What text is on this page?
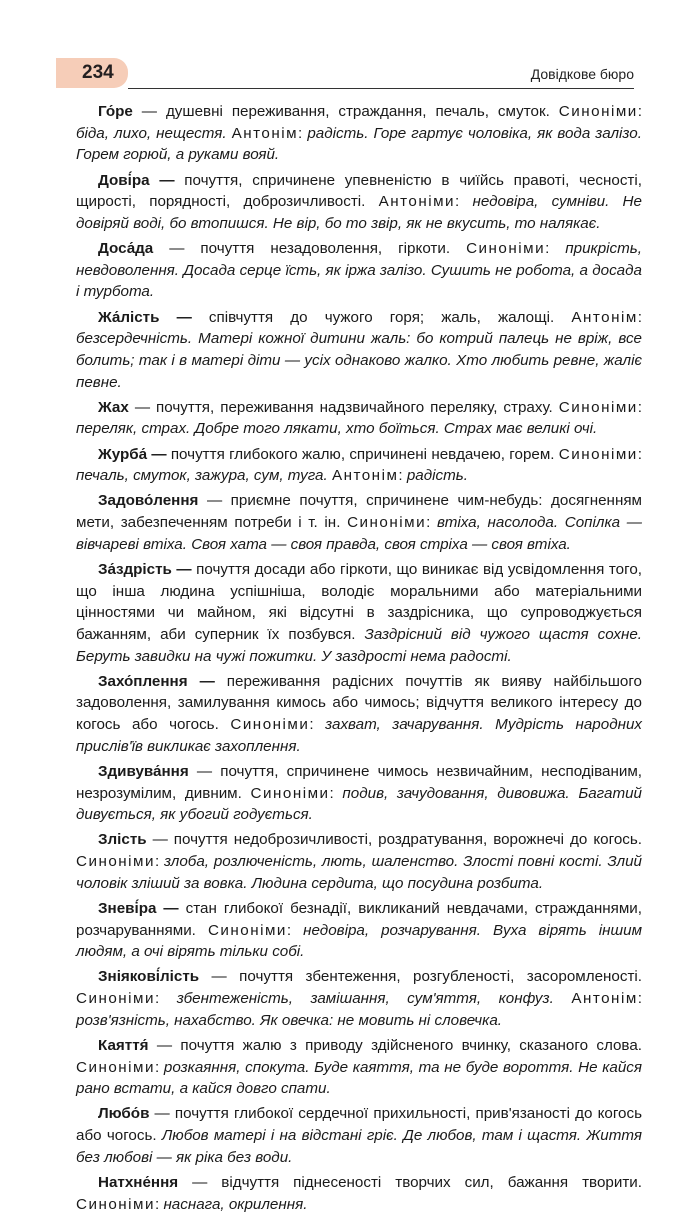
234	Довідкове бюро

Го́ре — душевні переживання, страждання, печаль, смуток. Синоніми: біда, лихо, нещестя. Антонім: радість. Горе гартує чоловіка, як вода залізо. Горем горюй, а руками вояй.

Дові́ра — почуття, спричинене упевненістю в чиїйсь правоті, чесності, щирості, порядності, доброзичливості. Антоніми: недовіра, сумніви. Не довіряй воді, бо втопишся. Не вір, бо то звір, як не вкусить, то налякає.

Доса́да — почуття незадоволення, гіркоти. Синоніми: прикрість, невдоволення. Досада серце їсть, як іржа залізо. Сушить не робота, а досада і турбота.

Жа́лість — співчуття до чужого горя; жаль, жалощі. Антонім: безсердечність. Матері кожної дитини жаль: бо котрий палець не вріж, все болить; так і в матері діти — усіх однаково жалко. Хто любить ревне, жаліє певне.

Жах — почуття, переживання надзвичайного переляку, страху. Синоніми: переляк, страх. Добре того лякати, хто боїться. Страх має великі очі.

Журба́ — почуття глибокого жалю, спричинені невдачею, горем. Синоніми: печаль, смуток, зажура, сум, туга. Антонім: радість.

Задово́лення — приємне почуття, спричинене чим-небудь: досягненням мети, забезпеченням потреби і т. ін. Синоніми: втіха, насолода. Сопілка — вівчареві втіха. Своя хата — своя правда, своя стріха — своя втіха.

За́здрість — почуття досади або гіркоти, що виникає від усвідомлення того, що інша людина успішніша, володіє моральними або матеріальними цінностями чи майном, які відсутні в заздрісника, що супроводжується бажанням, аби суперник їх позбувся. Заздрісний від чужого щастя сохне. Беруть завидки на чужі пожитки. У заздрості нема радості.

Захо́плення — переживання радісних почуттів як вияву найбільшого задоволення, замилування кимось або чимось; відчуття великого інтересу до когось або чогось. Синоніми: захват, зачарування. Мудрість народних прислів'їв викликає захоплення.

Здивува́ння — почуття, спричинене чимось незвичайним, несподіваним, незрозумілим, дивним. Синоніми: подив, зачудовання, дивовижа. Багатий дивується, як убогий годується.

Злість — почуття недоброзичливості, роздратування, ворожнечі до когось. Синоніми: злоба, розлюченість, лють, шаленство. Злості повні кості. Злий чоловік зліший за вовка. Людина сердита, що посудина розбита.

Зневі́ра — стан глибокої безнадії, викликаний невдачами, стражданнями, розчаруваннями. Синоніми: недовіра, розчарування. Вуха вірять іншим людям, а очі вірять тільки собі.

Зніякові́лість — почуття збентеження, розгубленості, засоромленості. Синоніми: збентеженість, замішання, сум'яття, конфуз. Антонім: розв'язність, нахабство. Як овечка: не мовить ні словечка.

Каяття́ — почуття жалю з приводу здійсненого вчинку, сказаного слова. Синоніми: розкаяння, спокута. Буде каяття, та не буде вороття. Не кайся рано встати, а кайся довго спати.

Любо́в — почуття глибокої сердечної прихильності, прив'язаності до когось або чогось. Любов матері і на відстані гріє. Де любов, там і щастя. Життя без любові — як ріка без води.

Натхне́ння — відчуття піднесеності творчих сил, бажання творити. Синоніми: наснага, окрилення.
